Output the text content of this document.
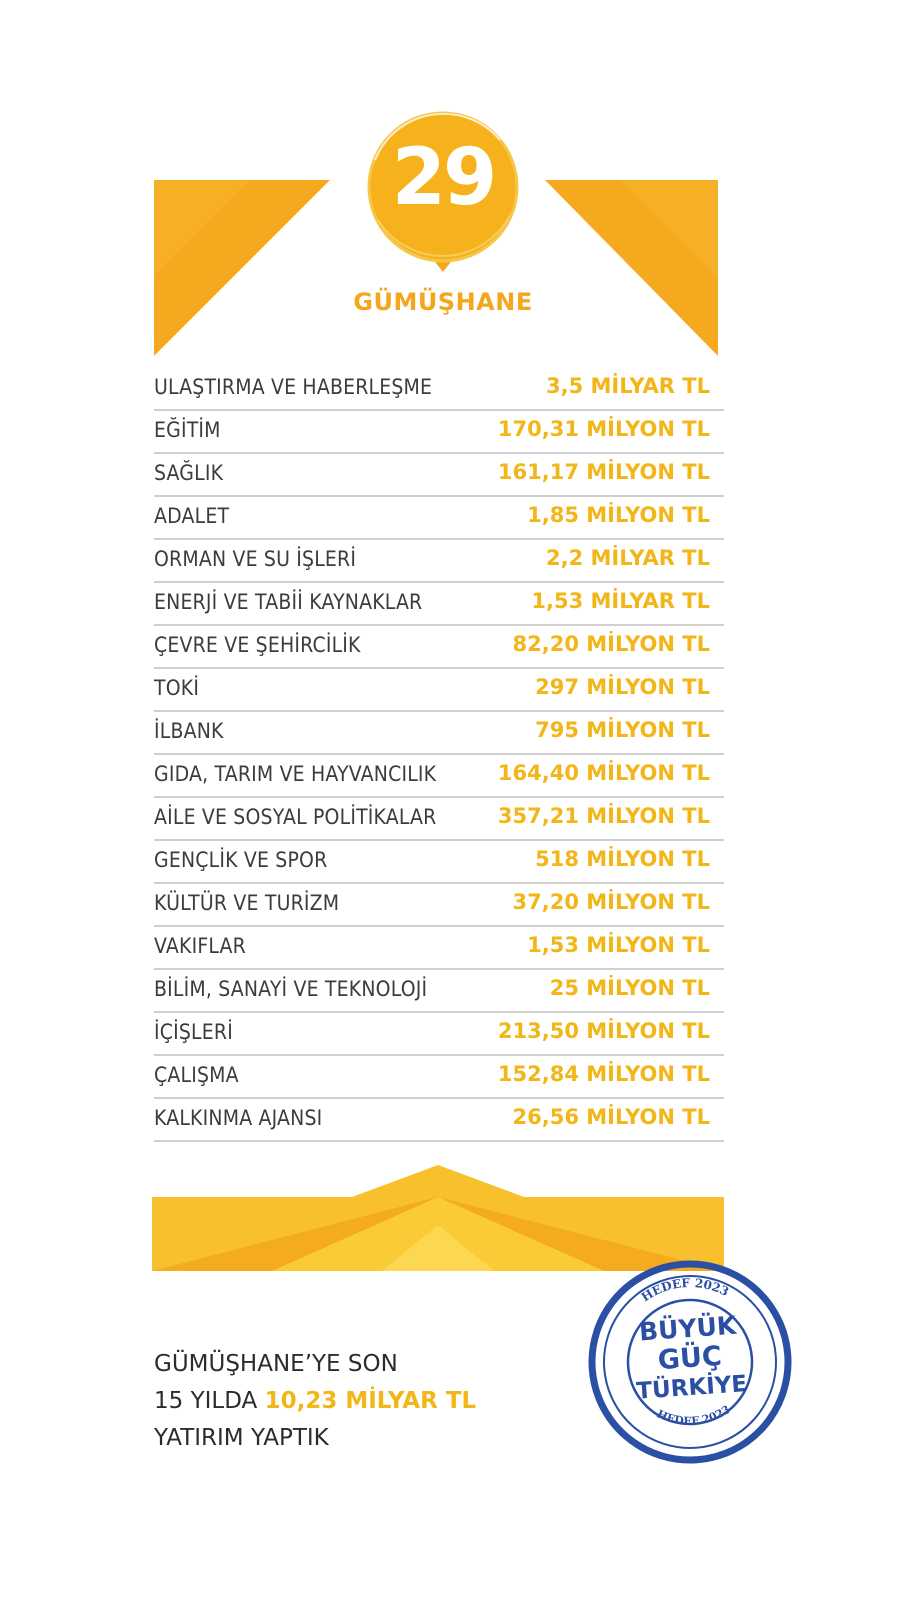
29
GÜMÜŞHANE
ULAŞTIRMA VE HABERLEŞME	3,5 MİLYAR TL
EĞİTİM	170,31 MİLYON TL
SAĞLIK	161,17 MİLYON TL
ADALET	1,85 MİLYON TL
ORMAN VE SU İŞLERİ	2,2 MİLYAR TL
ENERJİ VE TABİİ KAYNAKLAR	1,53 MİLYAR TL
ÇEVRE VE ŞEHİRCİLİK	82,20 MİLYON TL
TOKİ	297 MİLYON TL
İLBANK	795 MİLYON TL
GIDA, TARIM VE HAYVANCILIK	164,40 MİLYON TL
AİLE VE SOSYAL POLİTİKALAR	357,21 MİLYON TL
GENÇLİK VE SPOR	518 MİLYON TL
KÜLTÜR VE TURİZM	37,20 MİLYON TL
VAKIFLAR	1,53 MİLYON TL
BİLİM, SANAYİ VE TEKNOLOJİ	25 MİLYON TL
İÇİŞLERİ	213,50 MİLYON TL
ÇALIŞMA	152,84 MİLYON TL
KALKINMA AJANSI	26,56 MİLYON TL
GÜMÜŞHANE’YE SON
15 YILDA 10,23 MİLYAR TL
YATIRIM YAPTIK
HEDEF 2023
HEDEF 2023
BÜYÜK
GÜÇ
TÜRKİYE
